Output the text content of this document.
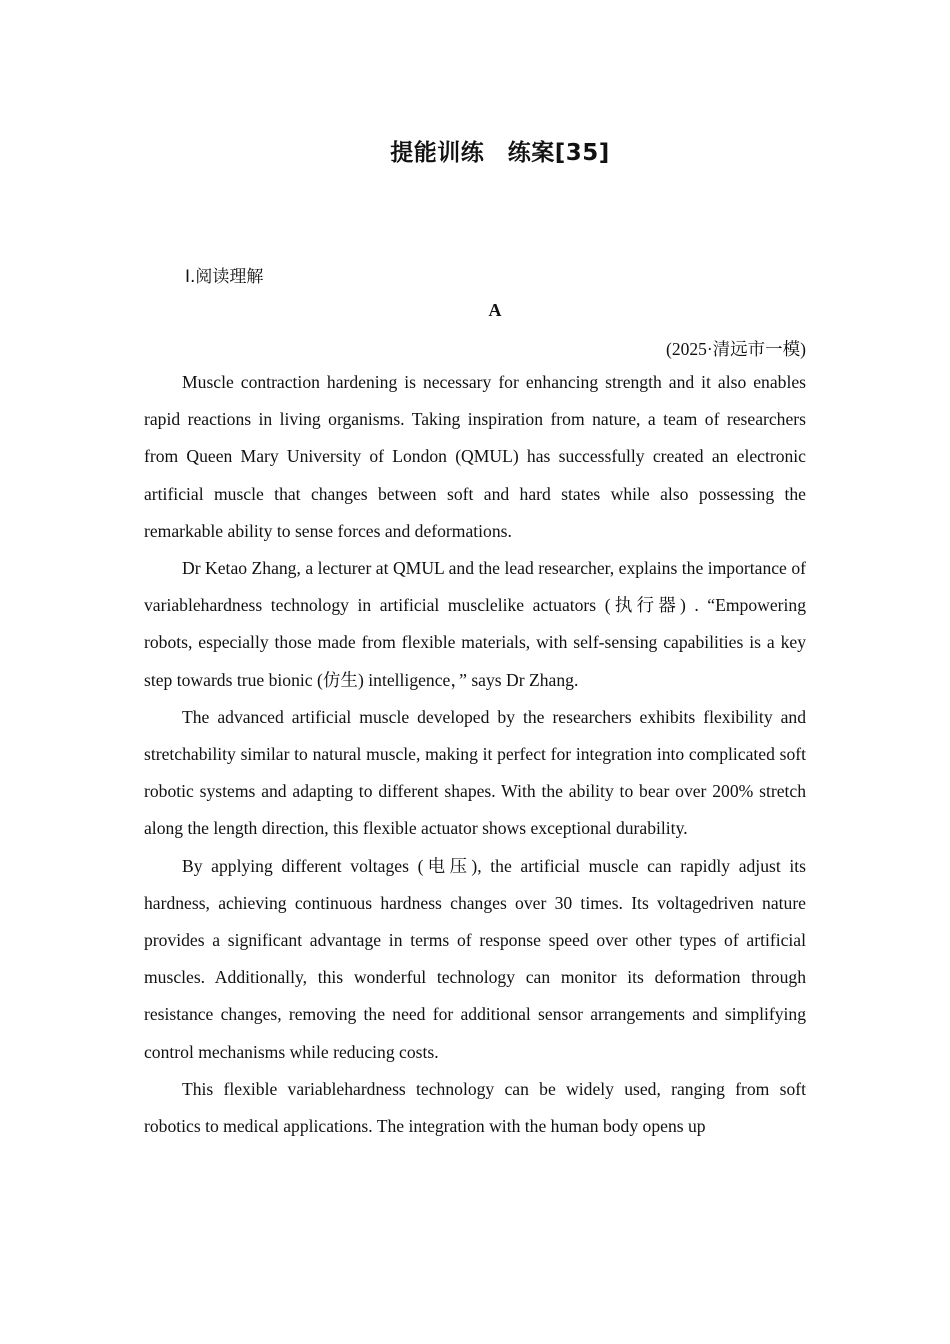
提能训练　练案[35]
Ⅰ.阅读理解
A
(2025·清远市一模)

Muscle contraction hardening is necessary for enhancing strength and it also enables rapid reactions in living organisms. Taking inspiration from nature, a team of researchers from Queen Mary University of London (QMUL) has successfully created an electronic artificial muscle that changes between soft and hard states while also possessing the remarkable ability to sense forces and deformations.

Dr Ketao Zhang, a lecturer at QMUL and the lead researcher, explains the importance of variablehardness technology in artificial musclelike actuators (执行器) . “Empowering robots, especially those made from flexible materials, with self-sensing capabilities is a key step towards true bionic (仿生) intelligence，” says Dr Zhang.

The advanced artificial muscle developed by the researchers exhibits flexibility and stretchability similar to natural muscle, making it perfect for integration into complicated soft robotic systems and adapting to different shapes. With the ability to bear over 200% stretch along the length direction, this flexible actuator shows exceptional durability.

By applying different voltages (电压), the artificial muscle can rapidly adjust its hardness, achieving continuous hardness changes over 30 times. Its voltagedriven nature provides a significant advantage in terms of response speed over other types of artificial muscles. Additionally, this wonderful technology can monitor its deformation through resistance changes, removing the need for additional sensor arrangements and simplifying control mechanisms while reducing costs.

This flexible variablehardness technology can be widely used, ranging from soft robotics to medical applications. The integration with the human body opens up
